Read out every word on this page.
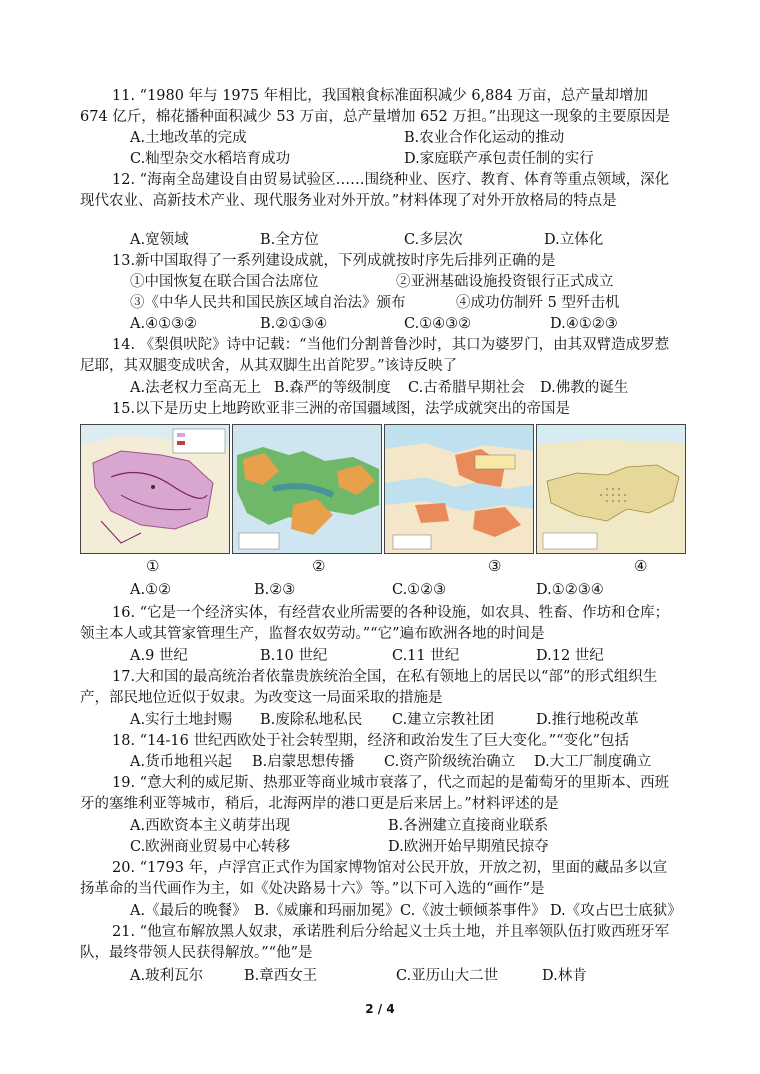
11. “1980 年与 1975 年相比，我国粮食标准面积减少 6,884 万亩，总产量却增加 674 亿斤，棉花播种面积减少 53 万亩，总产量增加 652 万担。”出现这一现象的主要原因是
A.土地改革的完成	B.农业合作化运动的推动
C.籼型杂交水稻培育成功	D.家庭联产承包责任制的实行
12. “海南全岛建设自由贸易试验区……围绕种业、医疗、教育、体育等重点领域，深化现代农业、高新技术产业、现代服务业对外开放。”材料体现了对外开放格局的特点是
A.宽领域	B.全方位	C.多层次	D.立体化
13.新中国取得了一系列建设成就，下列成就按时序先后排列正确的是
①中国恢复在联合国合法席位	②亚洲基础设施投资银行正式成立
③《中华人民共和国民族区域自治法》颁布	④成功仿制歼 5 型歼击机
A.④①③②	B.②①③④	C.①④③②	D.④①②③
14. 《梨俱吠陀》诗中记载：“当他们分割普鲁沙时，其口为婆罗门，由其双臂造成罗惹尼耶，其双腿变成吠舍，从其双脚生出首陀罗。”该诗反映了
A.法老权力至高无上 B.森严的等级制度 C.古希腊早期社会 D.佛教的诞生
15.以下是历史上地跨欧亚非三洲的帝国疆域图，法学成就突出的帝国是
①	②	③	④
A.①②	B.②③	C.①②③	D.①②③④
16. “它是一个经济实体，有经营农业所需要的各种设施，如农具、牲畜、作坊和仓库；领主本人或其管家管理生产，监督农奴劳动。”“它”遍布欧洲各地的时间是
A.9 世纪	B.10 世纪	C.11 世纪	D.12 世纪
17.大和国的最高统治者依靠贵族统治全国，在私有领地上的居民以“部”的形式组织生产，部民地位近似于奴隶。为改变这一局面采取的措施是
A.实行土地封赐 B.废除私地私民 C.建立宗教社团	D.推行地税改革
18. “14-16 世纪西欧处于社会转型期，经济和政治发生了巨大变化。”“变化”包括
A.货币地租兴起 B.启蒙思想传播 C.资产阶级统治确立 D.大工厂制度确立
19. “意大利的威尼斯、热那亚等商业城市衰落了，代之而起的是葡萄牙的里斯本、西班牙的塞维利亚等城市，稍后，北海两岸的港口更是后来居上。”材料评述的是
A.西欧资本主义萌芽出现	B.各洲建立直接商业联系
C.欧洲商业贸易中心转移	D.欧洲开始早期殖民掠夺
20. “1793 年，卢浮宫正式作为国家博物馆对公民开放，开放之初，里面的藏品多以宣扬革命的当代画作为主，如《处决路易十六》等。”以下可入选的“画作”是
A.《最后的晚餐》 B.《威廉和玛丽加冕》 C.《波士顿倾茶事件》 D.《攻占巴士底狱》
21. “他宣布解放黑人奴隶，承诺胜利后分给起义士兵土地，并且率领队伍打败西班牙军队，最终带领人民获得解放。”“他”是
A.玻利瓦尔	B.章西女王	C.亚历山大二世	D.林肯
2 / 4
